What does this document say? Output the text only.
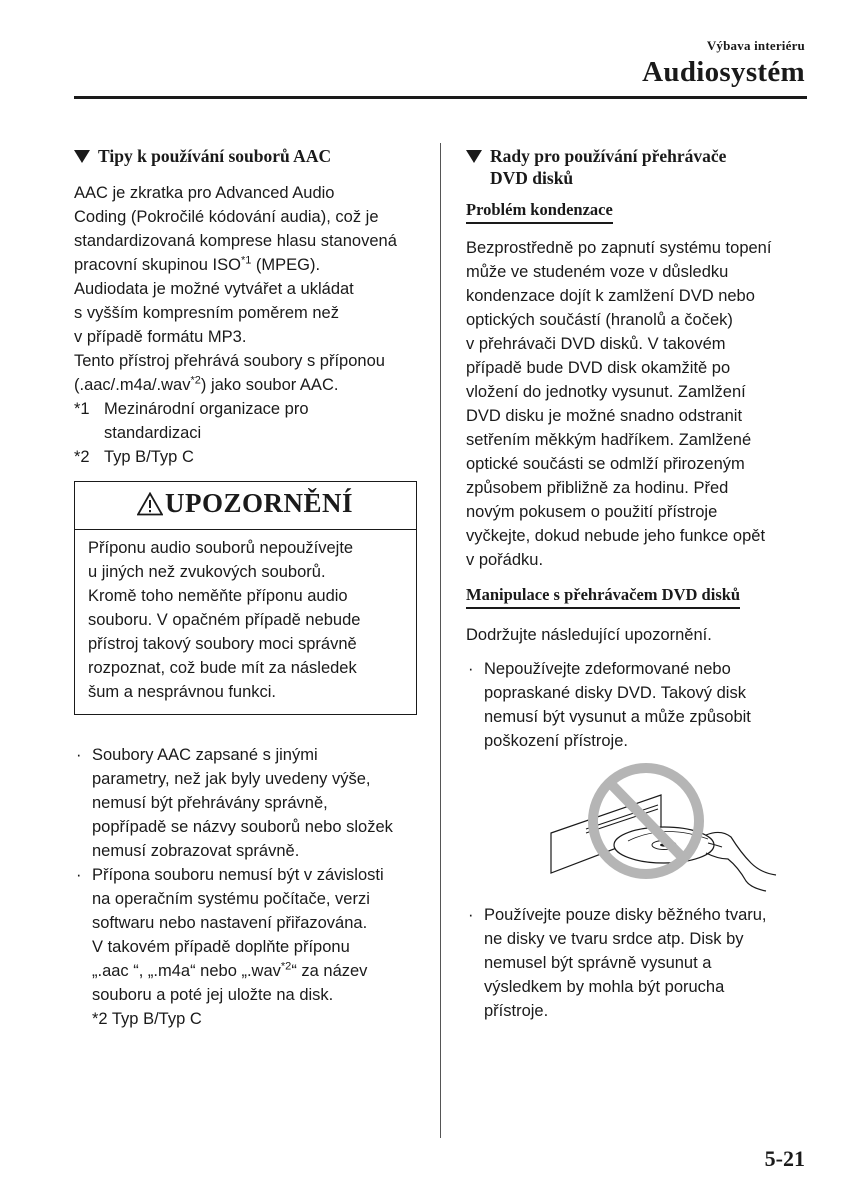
Výbava interiéru
Audiosystém
Tipy k používání souborů AAC
AAC je zkratka pro Advanced Audio
Coding (Pokročilé kódování audia), což je
standardizovaná komprese hlasu stanovená
pracovní skupinou ISO$^{*1}$ (MPEG).
Audiodata je možné vytvářet a ukládat
s vyšším kompresním poměrem než
v případě formátu MP3.
Tento přístroj přehrává soubory s příponou
(.aac/.m4a/.wav$^{*2}$) jako soubor AAC.
*1 Mezinárodní organizace pro
standardizaci
*2 Typ B/Typ C
UPOZORNĚNÍ
Příponu audio souborů nepoužívejte
u jiných než zvukových souborů.
Kromě toho neměňte příponu audio
souboru. V opačném případě nebude
přístroj takový soubory moci správně
rozpoznat, což bude mít za následek
šum a nesprávnou funkci.
· Soubory AAC zapsané s jinými
parametry, než jak byly uvedeny výše,
nemusí být přehrávány správně,
popřípadě se názvy souborů nebo složek
nemusí zobrazovat správně.
· Přípona souboru nemusí být v závislosti
na operačním systému počítače, verzi
softwaru nebo nastavení přiřazována.
V takovém případě doplňte příponu
„.aac “, „.m4a“ nebo „.wav$^{*2}$“ za název
souboru a poté jej uložte na disk.
*2 Typ B/Typ C
Rady pro používání přehrávače
DVD disků
Problém kondenzace
Bezprostředně po zapnutí systému topení
může ve studeném voze v důsledku
kondenzace dojít k zamlžení DVD nebo
optických součástí (hranolů a čoček)
v přehrávači DVD disků. V takovém
případě bude DVD disk okamžitě po
vložení do jednotky vysunut. Zamlžení
DVD disku je možné snadno odstranit
setřením měkkým hadříkem. Zamlžené
optické součásti se odmlží přirozeným
způsobem přibližně za hodinu. Před
novým pokusem o použití přístroje
vyčkejte, dokud nebude jeho funkce opět
v pořádku.
Manipulace s přehrávačem DVD disků
Dodržujte následující upozornění.
· Nepoužívejte zdeformované nebo
popraskané disky DVD. Takový disk
nemusí být vysunut a může způsobit
poškození přístroje.
· Používejte pouze disky běžného tvaru,
ne disky ve tvaru srdce atp. Disk by
nemusel být správně vysunut a
výsledkem by mohla být porucha
přístroje.
5-21
